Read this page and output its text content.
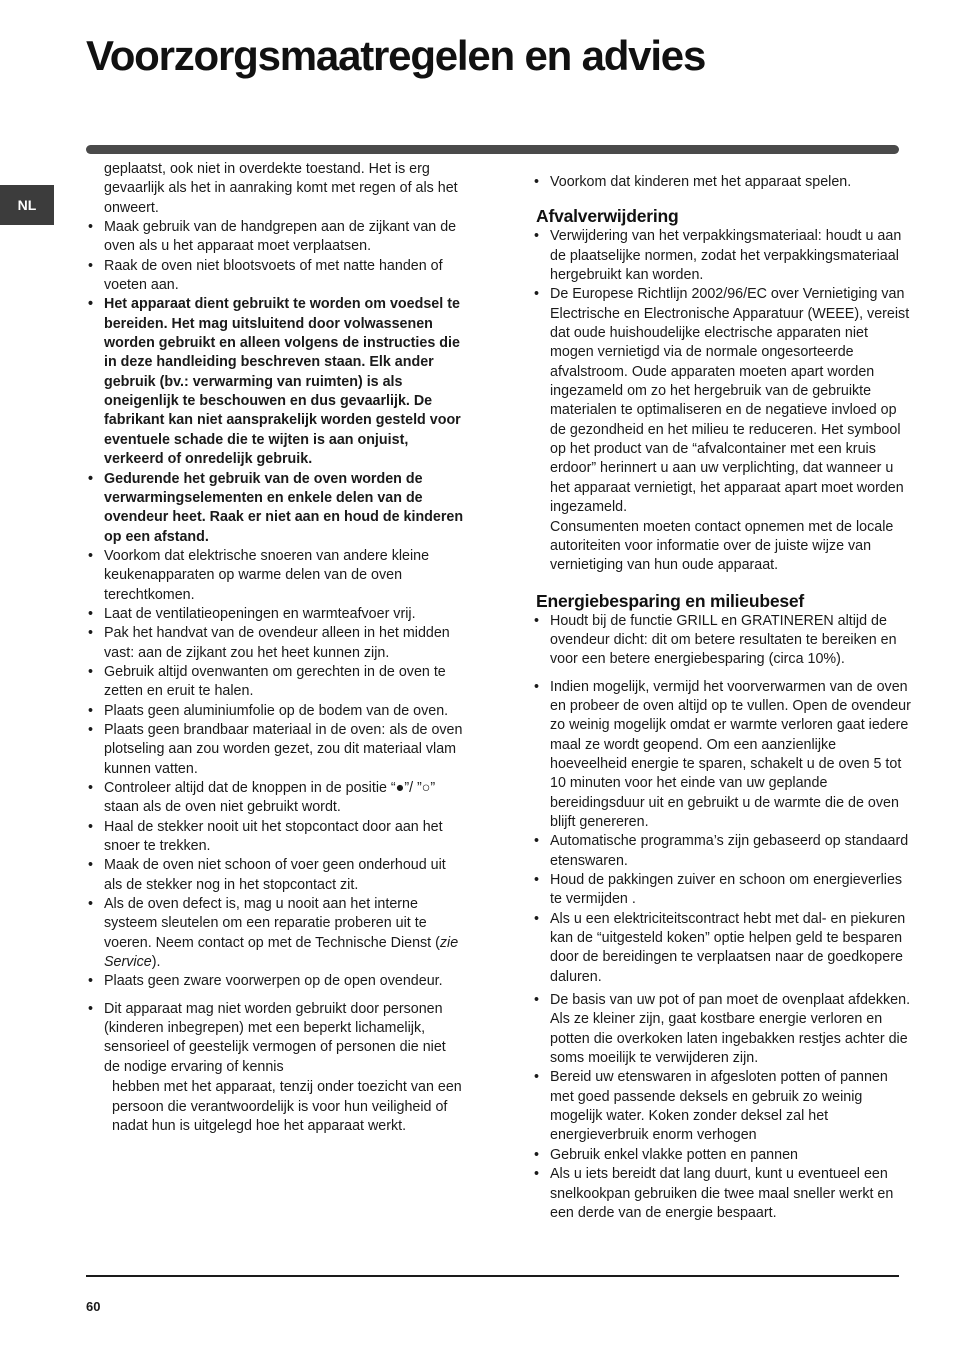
Voorzorgsmaatregelen en advies
NL
geplaatst, ook niet in overdekte toestand. Het is erg gevaarlijk als het in aanraking komt met regen of als het onweert.
• Maak gebruik van de handgrepen aan de zijkant van de oven als u het apparaat moet verplaatsen.
• Raak de oven niet blootsvoets of met natte handen of voeten aan.
• Het apparaat dient gebruikt te worden om voedsel te bereiden. Het mag uitsluitend door volwassenen worden gebruikt en alleen volgens de instructies die in deze handleiding beschreven staan. Elk ander gebruik (bv.: verwarming van ruimten) is als oneigenlijk te beschouwen en dus gevaarlijk. De fabrikant kan niet aansprakelijk worden gesteld voor eventuele schade die te wijten is aan onjuist, verkeerd of onredelijk gebruik.
• Gedurende het gebruik van de oven worden de verwarmingselementen en enkele delen van de ovendeur heet. Raak er niet aan en houd de kinderen op een afstand.
• Voorkom dat elektrische snoeren van andere kleine keukenapparaten op warme delen van de oven terechtkomen.
• Laat de ventilatieopeningen en warmteafvoer vrij.
• Pak het handvat van de ovendeur alleen in het midden vast: aan de zijkant zou het heet kunnen zijn.
• Gebruik altijd ovenwanten om gerechten in de oven te zetten en eruit te halen.
• Plaats geen aluminiumfolie op de bodem van de oven.
• Plaats geen brandbaar materiaal in de oven: als de oven plotseling aan zou worden gezet, zou dit materiaal vlam kunnen vatten.
• Controleer altijd dat de knoppen in de positie “●”/ ”○” staan als de oven niet gebruikt wordt.
• Haal de stekker nooit uit het stopcontact door aan het snoer te trekken.
• Maak de oven niet schoon of voer geen onderhoud uit als de stekker nog in het stopcontact zit.
• Als de oven defect is, mag u nooit aan het interne systeem sleutelen om een reparatie proberen uit te voeren. Neem contact op met de Technische Dienst (zie Service).
• Plaats geen zware voorwerpen op de open ovendeur.
• Dit apparaat mag niet worden gebruikt door personen (kinderen inbegrepen) met een beperkt lichamelijk, sensorieel of geestelijk vermogen of personen die niet de nodige ervaring of kennis
hebben met het apparaat, tenzij onder toezicht van een persoon die verantwoordelijk is voor hun veiligheid of nadat hun is uitgelegd hoe het apparaat werkt.
• Voorkom dat kinderen met het apparaat spelen.
Afvalverwijdering
• Verwijdering van het verpakkingsmateriaal: houdt u aan de plaatselijke normen, zodat het verpakkingsmateriaal hergebruikt kan worden.
• De Europese Richtlijn 2002/96/EC over Vernietiging van Electrische en Electronische Apparatuur (WEEE), vereist dat oude huishoudelijke electrische apparaten niet mogen vernietigd via de normale ongesorteerde afvalstroom. Oude apparaten moeten apart worden ingezameld om zo het hergebruik van de gebruikte materialen te optimaliseren en de negatieve invloed op de gezondheid en het milieu te reduceren. Het symbool op het product van de “afvalcontainer met een kruis erdoor” herinnert u aan uw verplichting, dat wanneer u het apparaat vernietigt, het apparaat apart moet worden ingezameld.
Consumenten moeten contact opnemen met de locale autoriteiten voor informatie over de juiste wijze van vernietiging van hun oude apparaat.
Energiebesparing en milieubesef
• Houdt bij de functie GRILL en GRATINEREN altijd de ovendeur dicht: dit om betere resultaten te bereiken en voor een betere energiebesparing (circa 10%).
• Indien mogelijk, vermijd het voorverwarmen van de oven en probeer de oven altijd op te vullen. Open de ovendeur zo weinig mogelijk omdat er warmte verloren gaat iedere maal ze wordt geopend. Om een aanzienlijke hoeveelheid energie te sparen, schakelt u de oven 5 tot 10 minuten voor het einde van uw geplande bereidingsduur uit en gebruikt u de warmte die de oven blijft genereren.
• Automatische programma’s zijn gebaseerd op standaard etenswaren.
• Houd de pakkingen zuiver en schoon om energieverlies te vermijden .
• Als u een elektriciteitscontract hebt met dal- en piekuren kan de “uitgesteld koken” optie helpen geld te besparen door de bereidingen te verplaatsen naar de goedkopere daluren.
• De basis van uw pot of pan moet de ovenplaat afdekken. Als ze kleiner zijn, gaat kostbare energie verloren en potten die overkoken laten ingebakken restjes achter die soms moeilijk te verwijderen zijn.
• Bereid uw etenswaren in afgesloten potten of pannen met goed passende deksels en gebruik zo weinig mogelijk water. Koken zonder deksel zal het energieverbruik enorm verhogen
• Gebruik enkel vlakke potten en pannen
• Als u iets bereidt dat lang duurt, kunt u eventueel een snelkookpan gebruiken die twee maal sneller werkt en een derde van de energie bespaart.
60
